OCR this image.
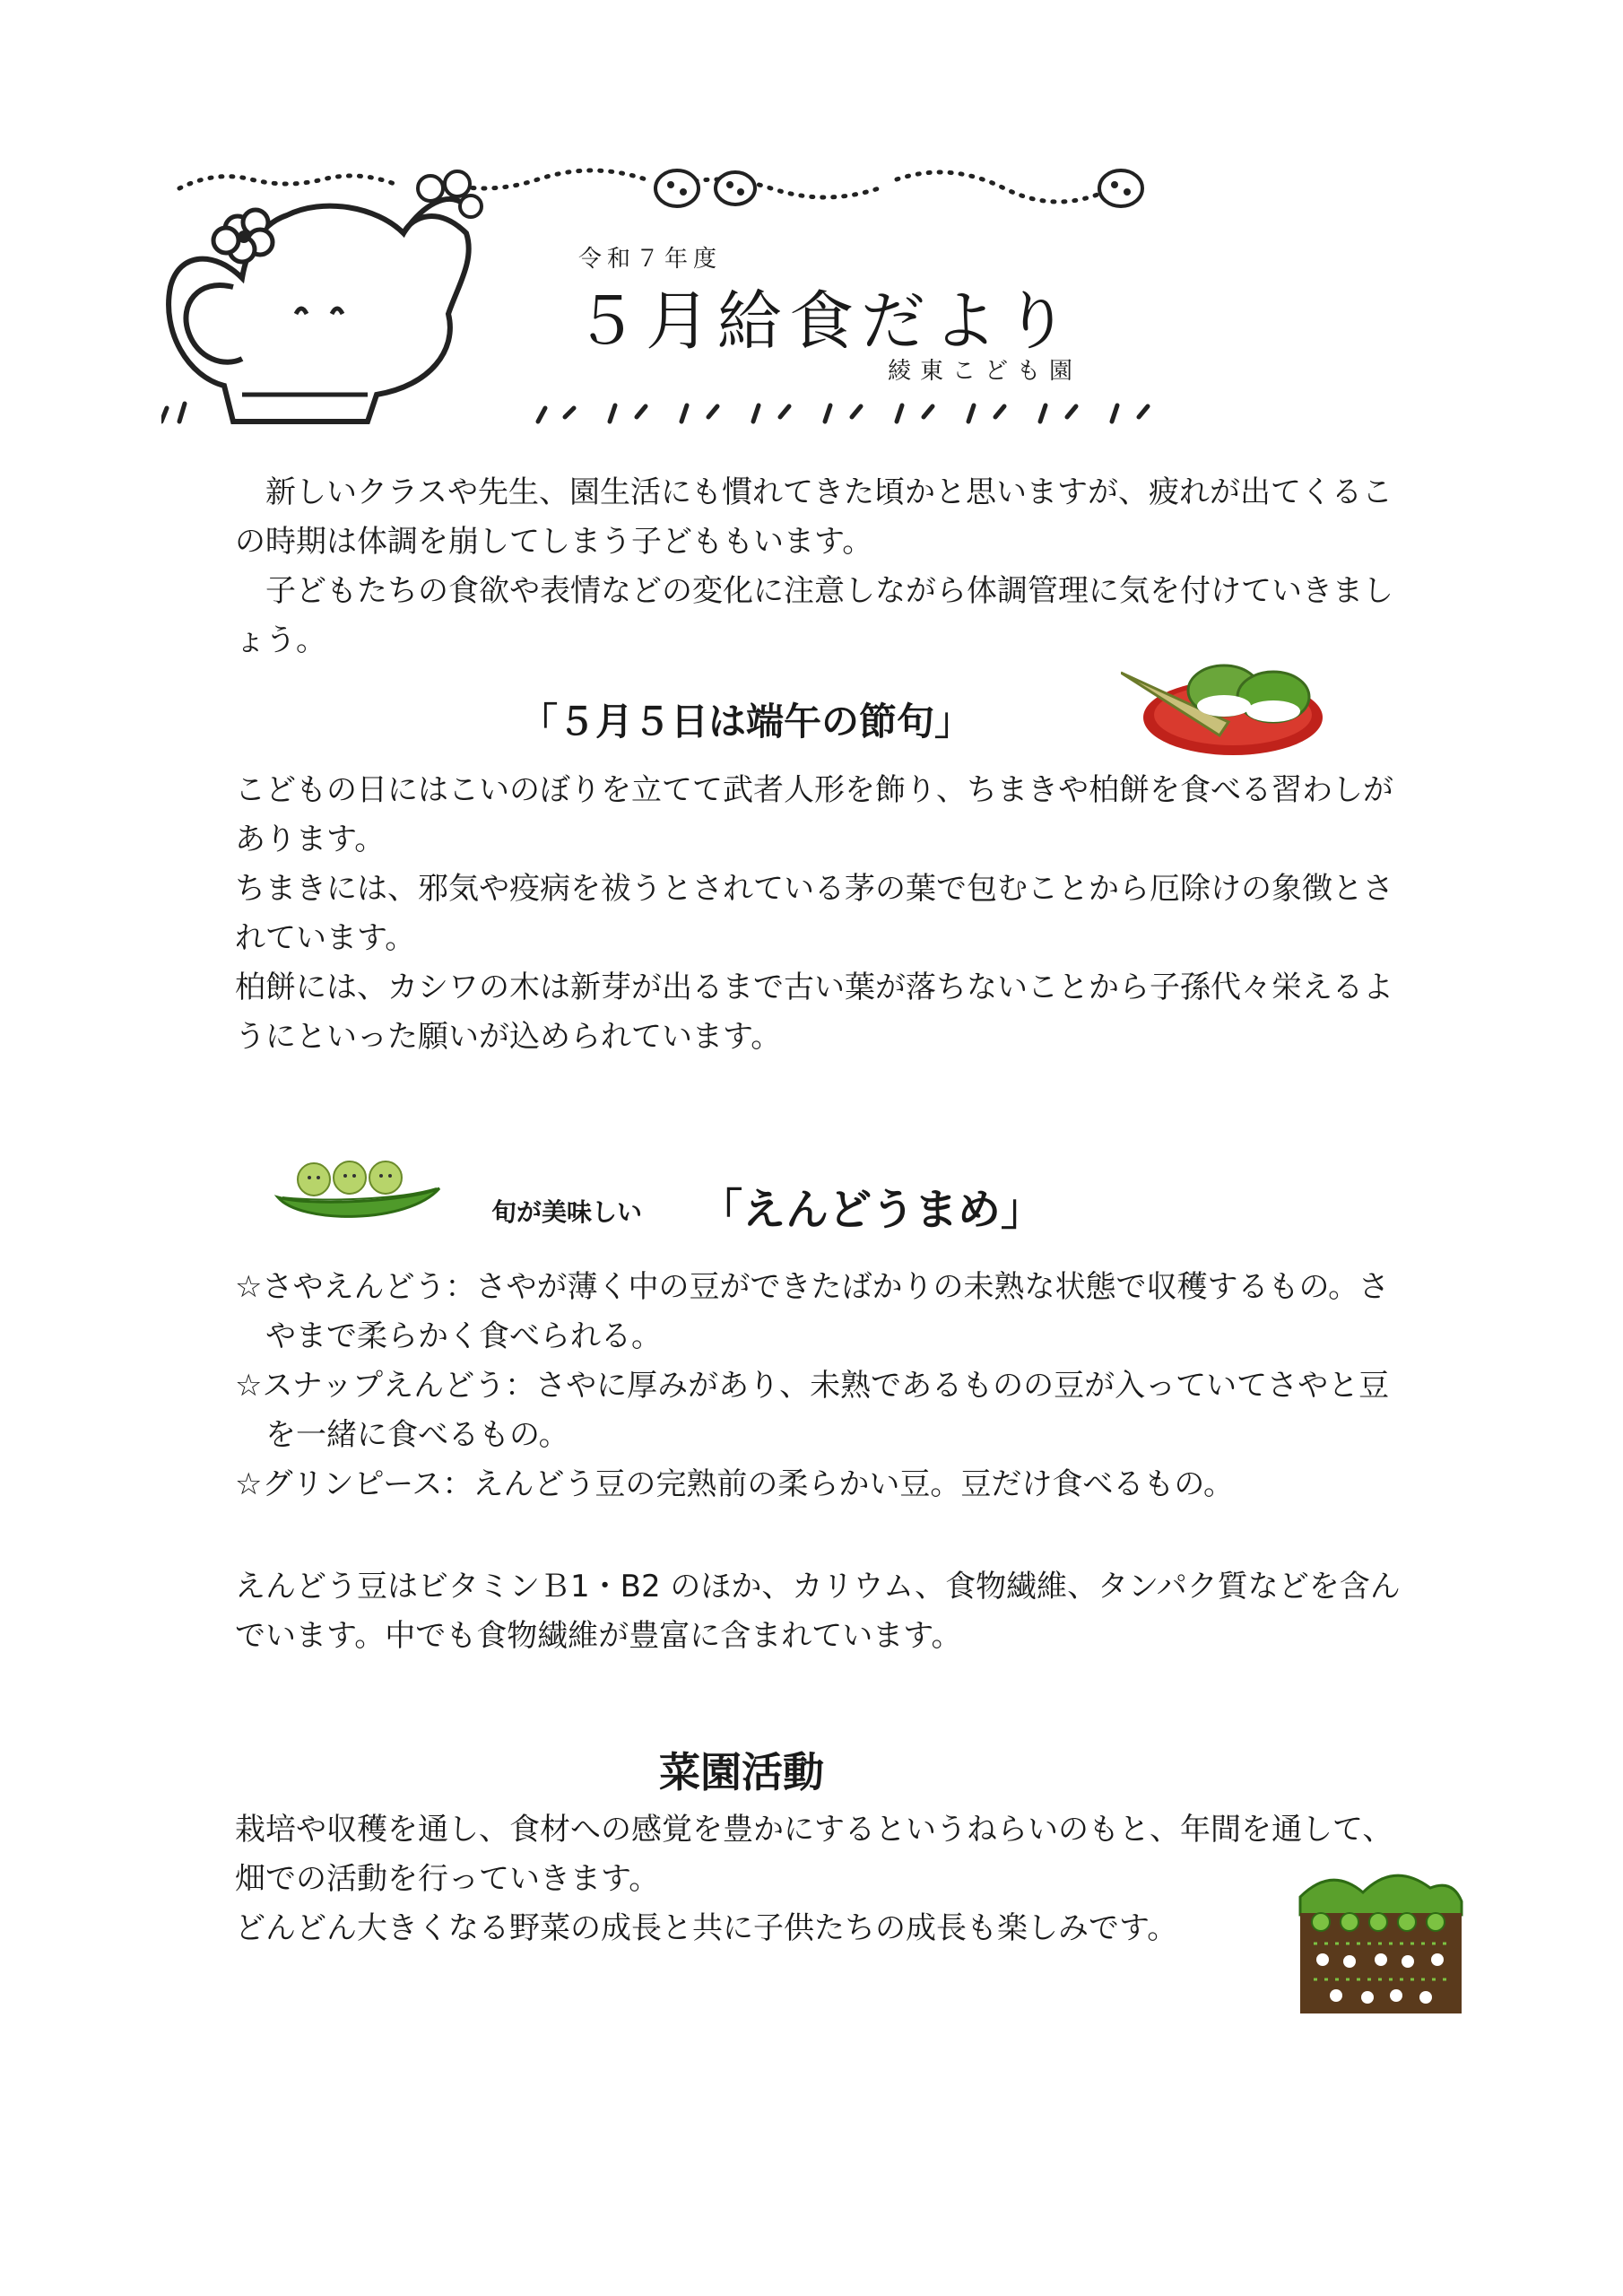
令和７年度
５月給食だより
綾東こども園

新しいクラスや先生、園生活にも慣れてきた頃かと思いますが、疲れが出てくるこの時期は体調を崩してしまう子どももいます。

子どもたちの食欲や表情などの変化に注意しながら体調管理に気を付けていきましょう。

「５月５日は端午の節句」

こどもの日にはこいのぼりを立てて武者人形を飾り、ちまきや柏餅を食べる習わしがあります。

ちまきには、邪気や疫病を祓うとされている茅の葉で包むことから厄除けの象徴とされています。

柏餅には、カシワの木は新芽が出るまで古い葉が落ちないことから子孫代々栄えるようにといった願いが込められています。

旬が美味しい 「えんどうまめ」

☆さやえんどう：さやが薄く中の豆ができたばかりの未熟な状態で収穫するもの。さやまで柔らかく食べられる。

☆スナップえんどう：さやに厚みがあり、未熟であるものの豆が入っていてさやと豆を一緒に食べるもの。

☆グリンピース：えんどう豆の完熟前の柔らかい豆。豆だけ食べるもの。

えんどう豆はビタミンＢ1・B2 のほか、カリウム、食物繊維、タンパク質などを含んでいます。中でも食物繊維が豊富に含まれています。

菜園活動

栽培や収穫を通し、食材への感覚を豊かにするというねらいのもと、年間を通して、畑での活動を行っていきます。

どんどん大きくなる野菜の成長と共に子供たちの成長も楽しみです。
